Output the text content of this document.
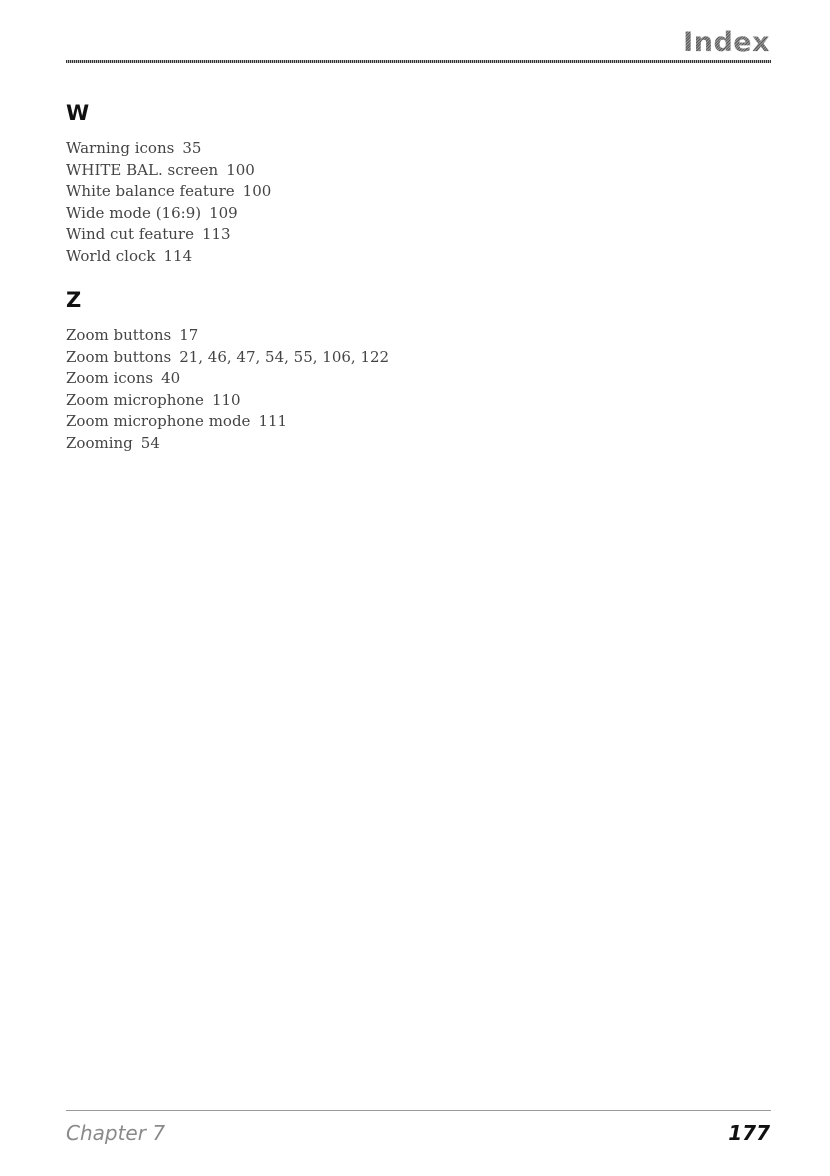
Index
W
Warning icons 35
WHITE BAL. screen 100
White balance feature 100
Wide mode (16:9) 109
Wind cut feature 113
World clock 114
Z
Zoom buttons 17
Zoom buttons 21, 46, 47, 54, 55, 106, 122
Zoom icons 40
Zoom microphone 110
Zoom microphone mode 111
Zooming 54
Chapter 7	177
